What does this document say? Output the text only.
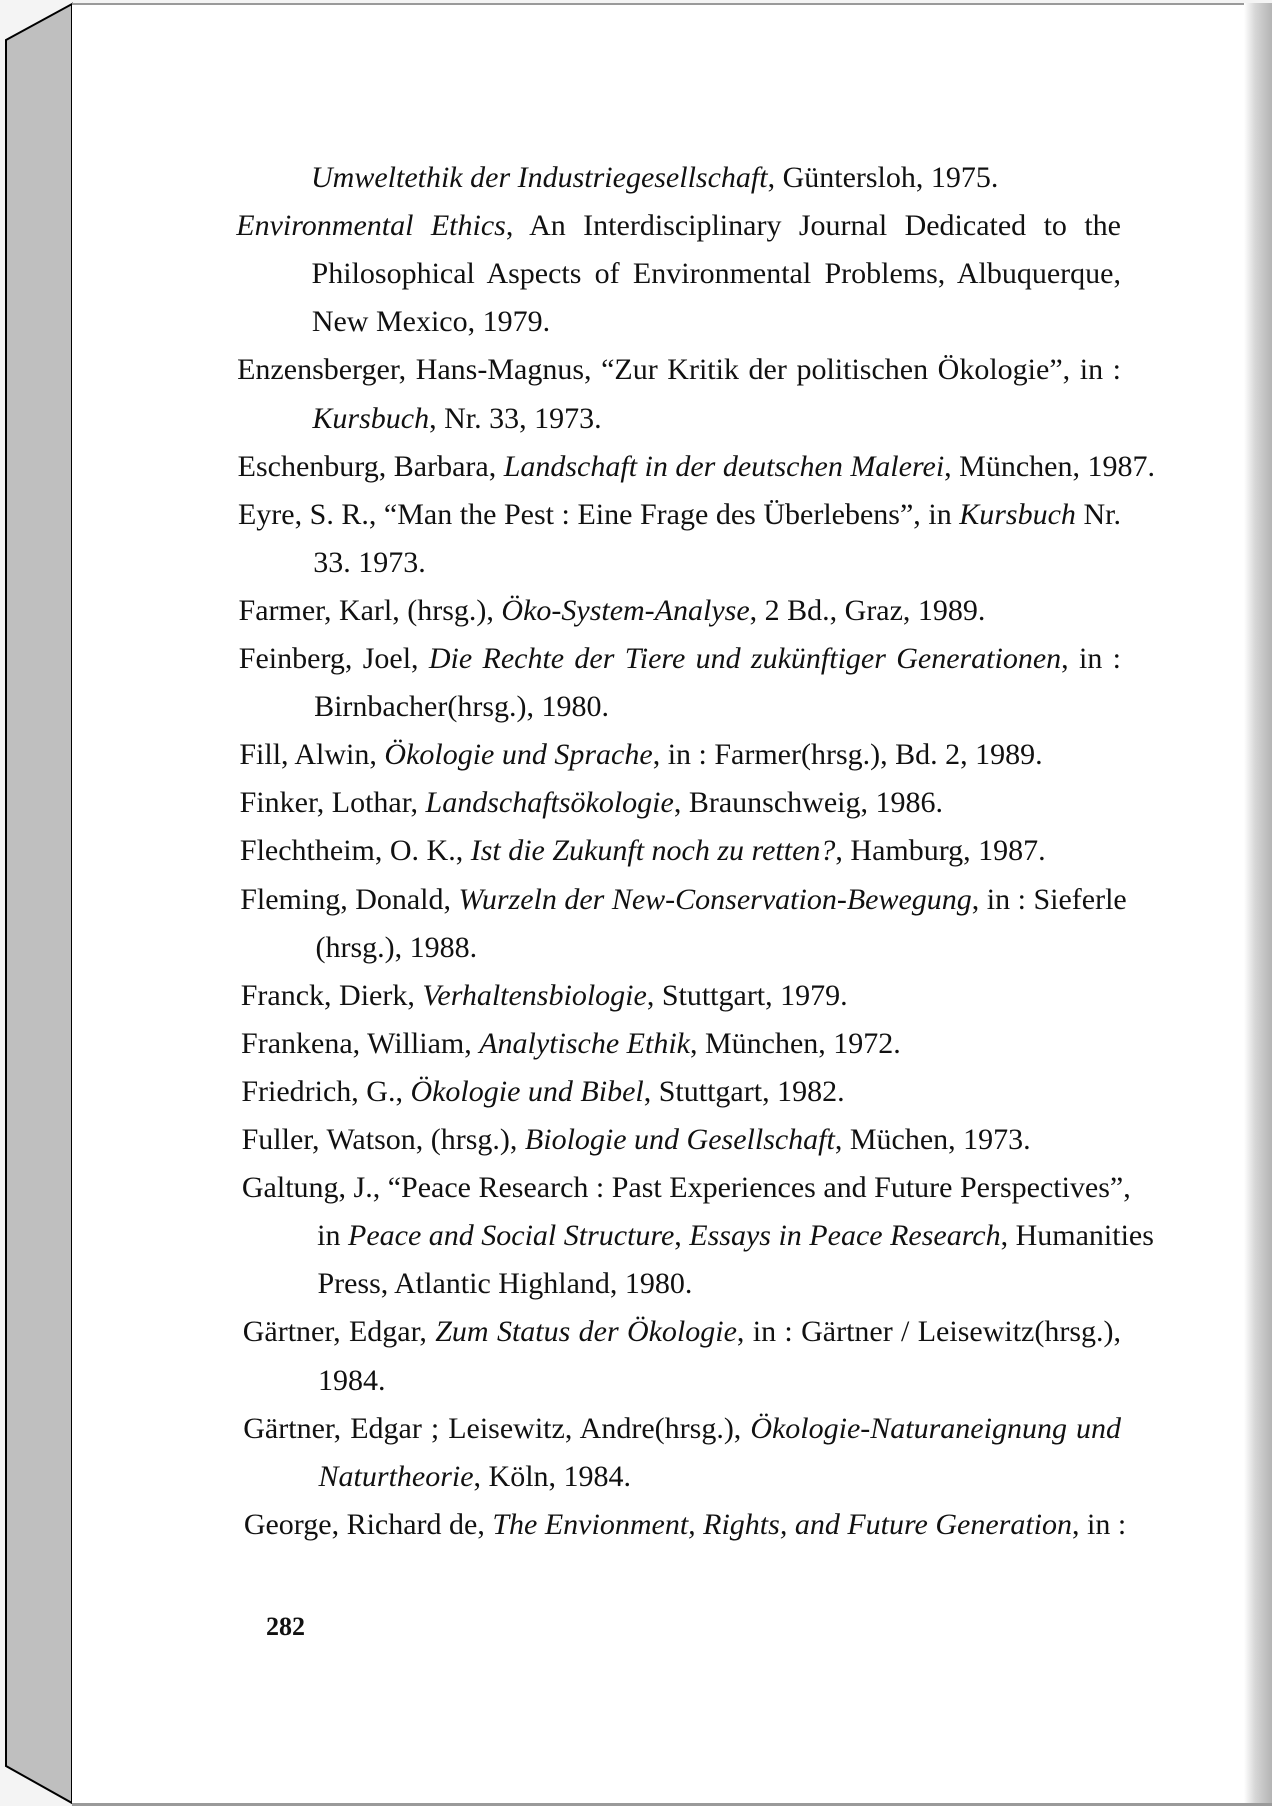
Umweltethik der Industriegesellschaft, Güntersloh, 1975.
Environmental Ethics, An Interdisciplinary Journal Dedicated to the
Philosophical Aspects of Environmental Problems, Albuquerque,
New Mexico, 1979.
Enzensberger, Hans-Magnus, “Zur Kritik der politischen Ökologie”, in :
Kursbuch, Nr. 33, 1973.
Eschenburg, Barbara, Landschaft in der deutschen Malerei, München, 1987.
Eyre, S. R., “Man the Pest : Eine Frage des Überlebens”, in Kursbuch Nr.
33. 1973.
Farmer, Karl, (hrsg.), Öko-System-Analyse, 2 Bd., Graz, 1989.
Feinberg, Joel, Die Rechte der Tiere und zukünftiger Generationen, in :
Birnbacher(hrsg.), 1980.
Fill, Alwin, Ökologie und Sprache, in : Farmer(hrsg.), Bd. 2, 1989.
Finker, Lothar, Landschaftsökologie, Braunschweig, 1986.
Flechtheim, O. K., Ist die Zukunft noch zu retten?, Hamburg, 1987.
Fleming, Donald, Wurzeln der New-Conservation-Bewegung, in : Sieferle
(hrsg.), 1988.
Franck, Dierk, Verhaltensbiologie, Stuttgart, 1979.
Frankena, William, Analytische Ethik, München, 1972.
Friedrich, G., Ökologie und Bibel, Stuttgart, 1982.
Fuller, Watson, (hrsg.), Biologie und Gesellschaft, Müchen, 1973.
Galtung, J., “Peace Research : Past Experiences and Future Perspectives”,
in Peace and Social Structure, Essays in Peace Research, Humanities
Press, Atlantic Highland, 1980.
Gärtner, Edgar, Zum Status der Ökologie, in : Gärtner / Leisewitz(hrsg.),
1984.
Gärtner, Edgar ; Leisewitz, Andre(hrsg.), Ökologie-Naturaneignung und
Naturtheorie, Köln, 1984.
George, Richard de, The Envionment, Rights, and Future Generation, in :
282
